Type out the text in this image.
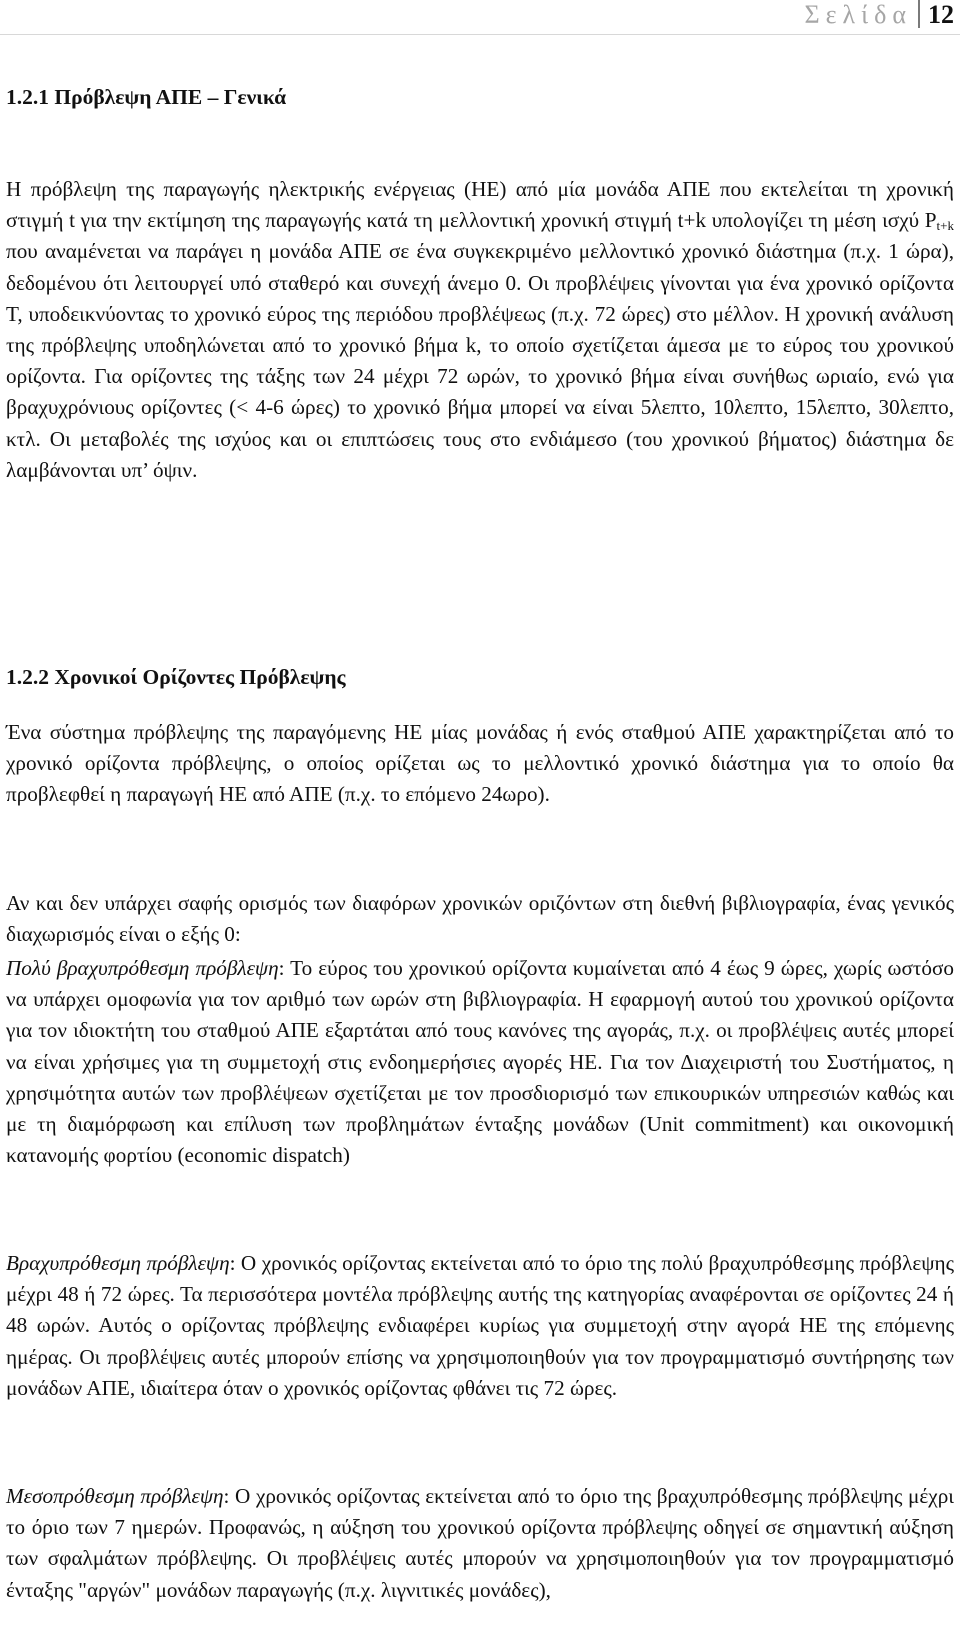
Σελίδα 12
1.2.1 Πρόβλεψη ΑΠΕ – Γενικά

Η πρόβλεψη της παραγωγής ηλεκτρικής ενέργειας (ΗΕ) από μία μονάδα ΑΠΕ που εκτελείται τη χρονική στιγμή t για την εκτίμηση της παραγωγής κατά τη μελλοντική χρονική στιγμή t+k υπολογίζει τη μέση ισχύ $P_{t+k}$ που αναμένεται να παράγει η μονάδα ΑΠΕ σε ένα συγκεκριμένο μελλοντικό χρονικό διάστημα (π.χ. 1 ώρα), δεδομένου ότι λειτουργεί υπό σταθερό και συνεχή άνεμο 0. Οι προβλέψεις γίνονται για ένα χρονικό ορίζοντα T, υποδεικνύοντας το χρονικό εύρος της περιόδου προβλέψεως (π.χ. 72 ώρες) στο μέλλον. Η χρονική ανάλυση της πρόβλεψης υποδηλώνεται από το χρονικό βήμα k, το οποίο σχετίζεται άμεσα με το εύρος του χρονικού ορίζοντα. Για ορίζοντες της τάξης των 24 μέχρι 72 ωρών, το χρονικό βήμα είναι συνήθως ωριαίο, ενώ για βραχυχρόνιους ορίζοντες (< 4-6 ώρες) το χρονικό βήμα μπορεί να είναι 5λεπτο, 10λεπτο, 15λεπτο, 30λεπτο, κτλ. Οι μεταβολές της ισχύος και οι επιπτώσεις τους στο ενδιάμεσο (του χρονικού βήματος) διάστημα δε λαμβάνονται υπ’ όψιν.

1.2.2 Χρονικοί Ορίζοντες Πρόβλεψης

Ένα σύστημα πρόβλεψης της παραγόμενης ΗΕ μίας μονάδας ή ενός σταθμού ΑΠΕ χαρακτηρίζεται από το χρονικό ορίζοντα πρόβλεψης, ο οποίος ορίζεται ως το μελλοντικό χρονικό διάστημα για το οποίο θα προβλεφθεί η παραγωγή ΗΕ από ΑΠΕ (π.χ. το επόμενο 24ωρο).

Αν και δεν υπάρχει σαφής ορισμός των διαφόρων χρονικών οριζόντων στη διεθνή βιβλιογραφία, ένας γενικός διαχωρισμός είναι ο εξής 0:

Πολύ βραχυπρόθεσμη πρόβλεψη: Το εύρος του χρονικού ορίζοντα κυμαίνεται από 4 έως 9 ώρες, χωρίς ωστόσο να υπάρχει ομοφωνία για τον αριθμό των ωρών στη βιβλιογραφία. Η εφαρμογή αυτού του χρονικού ορίζοντα για τον ιδιοκτήτη του σταθμού ΑΠΕ εξαρτάται από τους κανόνες της αγοράς, π.χ. οι προβλέψεις αυτές μπορεί να είναι χρήσιμες για τη συμμετοχή στις ενδοημερήσιες αγορές ΗΕ. Για τον Διαχειριστή του Συστήματος, η χρησιμότητα αυτών των προβλέψεων σχετίζεται με τον προσδιορισμό των επικουρικών υπηρεσιών καθώς και με τη διαμόρφωση και επίλυση των προβλημάτων ένταξης μονάδων (Unit commitment) και οικονομική κατανομής φορτίου (economic dispatch)

Βραχυπρόθεσμη πρόβλεψη: Ο χρονικός ορίζοντας εκτείνεται από το όριο της πολύ βραχυπρόθεσμης πρόβλεψης μέχρι 48 ή 72 ώρες. Τα περισσότερα μοντέλα πρόβλεψης αυτής της κατηγορίας αναφέρονται σε ορίζοντες 24 ή 48 ωρών. Αυτός ο ορίζοντας πρόβλεψης ενδιαφέρει κυρίως για συμμετοχή στην αγορά ΗΕ της επόμενης ημέρας. Οι προβλέψεις αυτές μπορούν επίσης να χρησιμοποιηθούν για τον προγραμματισμό συντήρησης των μονάδων ΑΠΕ, ιδιαίτερα όταν ο χρονικός ορίζοντας φθάνει τις 72 ώρες.

Μεσοπρόθεσμη πρόβλεψη: Ο χρονικός ορίζοντας εκτείνεται από το όριο της βραχυπρόθεσμης πρόβλεψης μέχρι το όριο των 7 ημερών. Προφανώς, η αύξηση του χρονικού ορίζοντα πρόβλεψης οδηγεί σε σημαντική αύξηση των σφαλμάτων πρόβλεψης. Οι προβλέψεις αυτές μπορούν να χρησιμοποιηθούν για τον προγραμματισμό ένταξης "αργών" μονάδων παραγωγής (π.χ. λιγνιτικές μονάδες),
